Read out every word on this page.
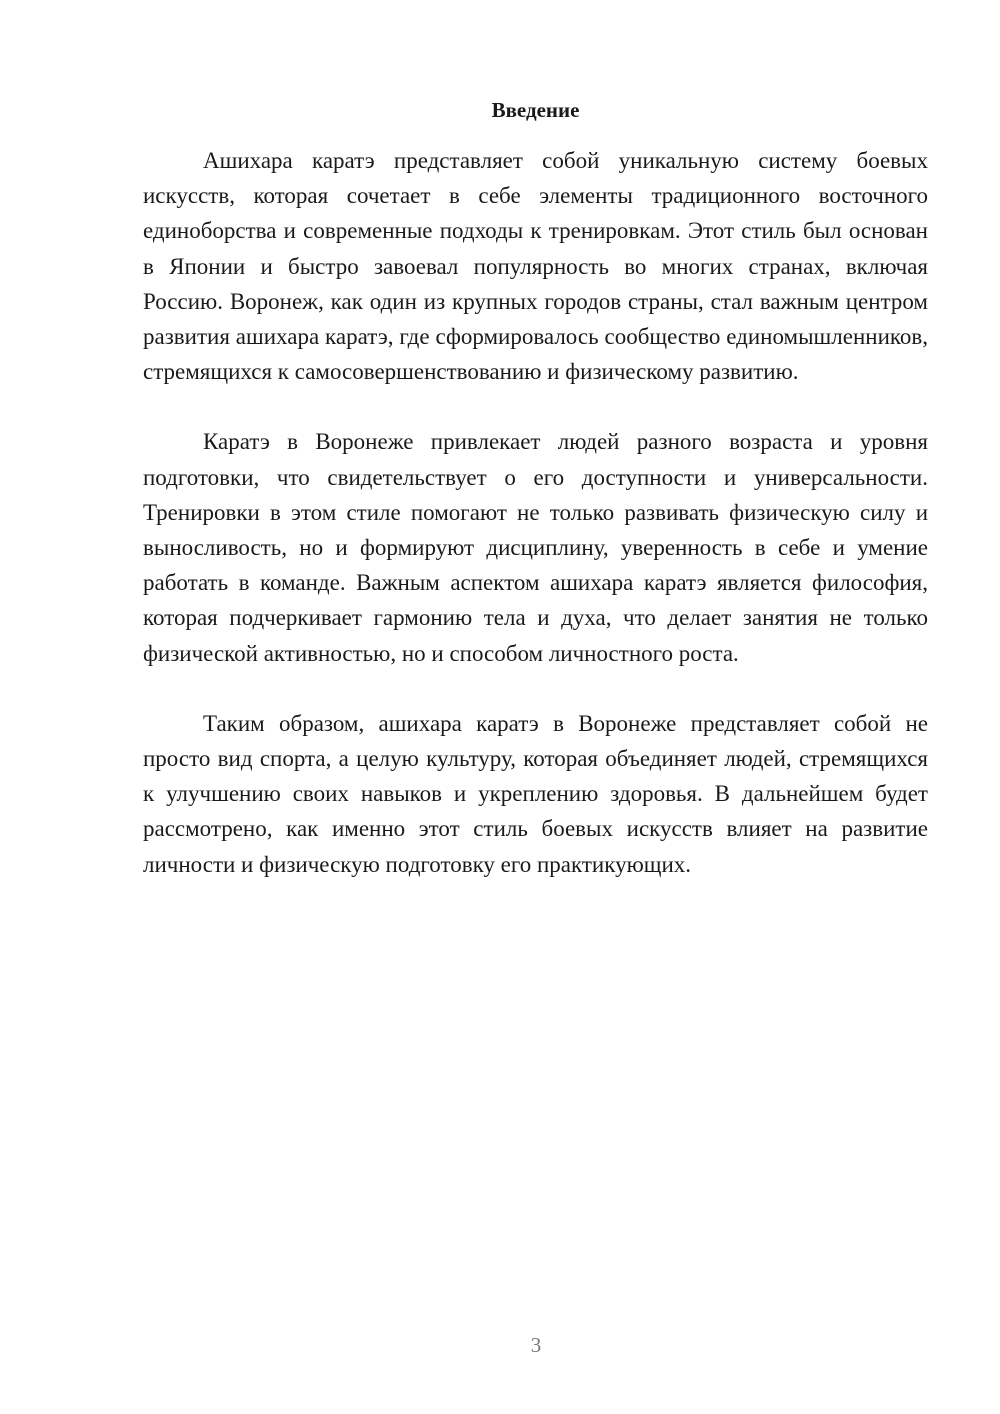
Введение

Ашихара каратэ представляет собой уникальную систему боевых искусств, которая сочетает в себе элементы традиционного восточного единоборства и современные подходы к тренировкам. Этот стиль был основан в Японии и быстро завоевал популярность во многих странах, включая Россию. Воронеж, как один из крупных городов страны, стал важным центром развития ашихара каратэ, где сформировалось сообщество единомышленников, стремящихся к самосовершенствованию и физическому развитию.

Каратэ в Воронеже привлекает людей разного возраста и уровня подготовки, что свидетельствует о его доступности и универсальности. Тренировки в этом стиле помогают не только развивать физическую силу и выносливость, но и формируют дисциплину, уверенность в себе и умение работать в команде. Важным аспектом ашихара каратэ является философия, которая подчеркивает гармонию тела и духа, что делает занятия не только физической активностью, но и способом личностного роста.

Таким образом, ашихара каратэ в Воронеже представляет собой не просто вид спорта, а целую культуру, которая объединяет людей, стремящихся к улучшению своих навыков и укреплению здоровья. В дальнейшем будет рассмотрено, как именно этот стиль боевых искусств влияет на развитие личности и физическую подготовку его практикующих.

3
